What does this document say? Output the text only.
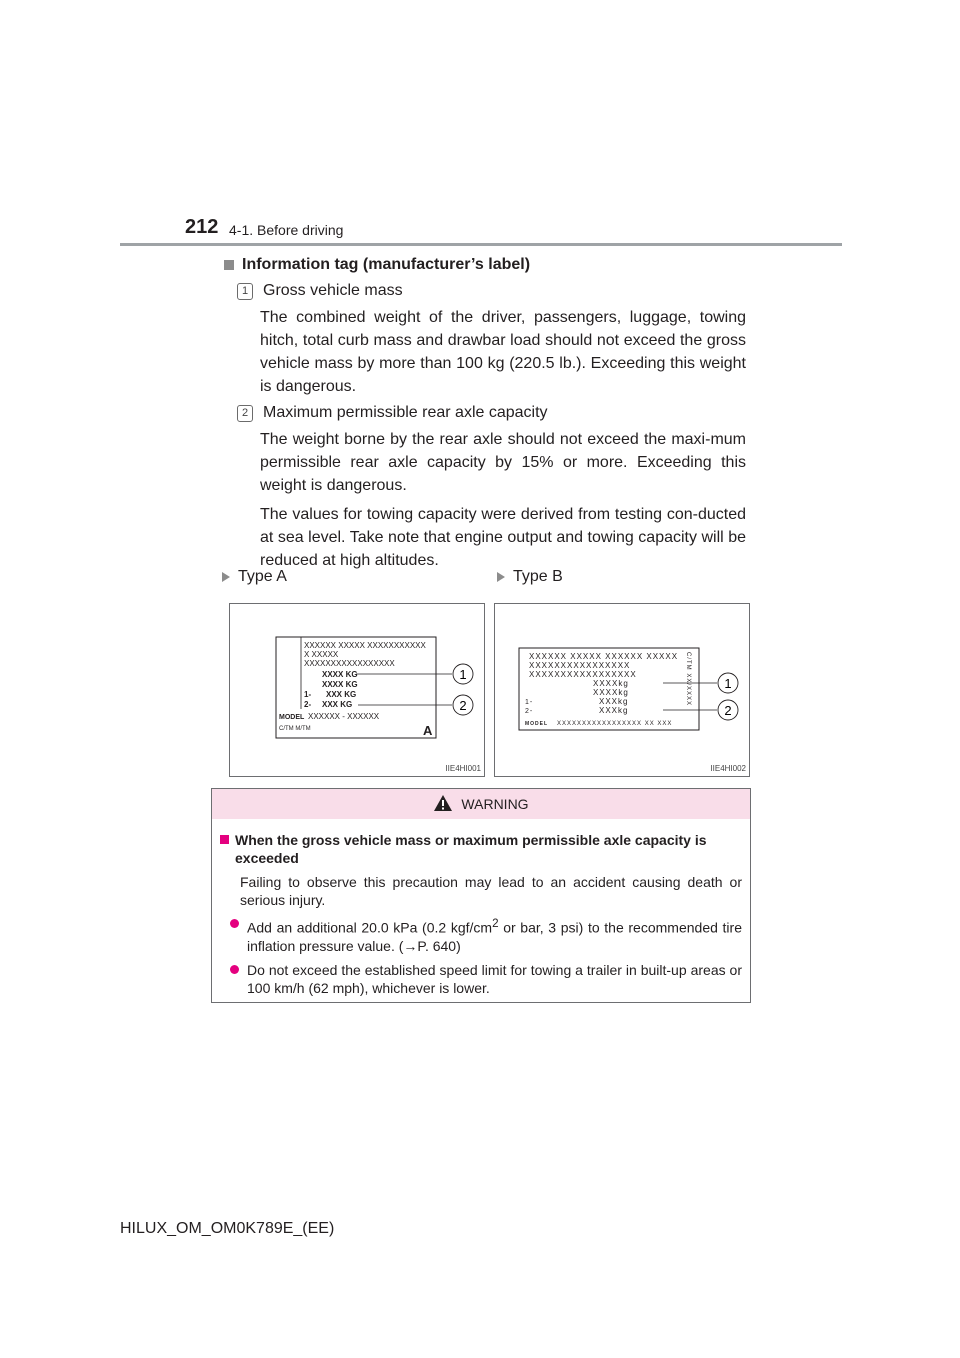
212 4-1. Before driving
Information tag (manufacturer’s label)
1 Gross vehicle mass

The combined weight of the driver, passengers, luggage, towing hitch, total curb mass and drawbar load should not exceed the gross vehicle mass by more than 100 kg (220.5 lb.). Exceeding this weight is dangerous.

2 Maximum permissible rear axle capacity

The weight borne by the rear axle should not exceed the maxi-mum permissible rear axle capacity by 15% or more. Exceeding this weight is dangerous.

The values for towing capacity were derived from testing con-ducted at sea level. Take note that engine output and towing capacity will be reduced at high altitudes.

Type A	Type B
XXXXXX XXXXX XXXXXXXXXXX
X XXXXX
XXXXXXXXXXXXXXXXX
XXXX KG
XXXX KG
1- XXX KG
2- XXX KG
MODEL XXXXXX - XXXXXX
C/TM M/TM	A
1
2
IIE4HI001
XXXXXX XXXXX XXXXXX XXXXX
XXXXXXXXXXXXXXXX
XXXXXXXXXXXXXXXXX
XXXXkg
XXXXkg
1-	XXXkg
2-	XXXkg
MODEL XXXXXXXXXXXXXXXXX XX XXX
C/TM XX/XXXX	1
2
IIE4HI002
WARNING
When the gross vehicle mass or maximum permissible axle capacity is exceeded

Failing to observe this precaution may lead to an accident causing death or serious injury.

Add an additional 20.0 kPa (0.2 kgf/$cm^2$ or bar, 3 psi) to the recommended tire inflation pressure value. (→P. 640)
Do not exceed the established speed limit for towing a trailer in built-up areas or 100 km/h (62 mph), whichever is lower.
HILUX_OM_OM0K789E_(EE)
